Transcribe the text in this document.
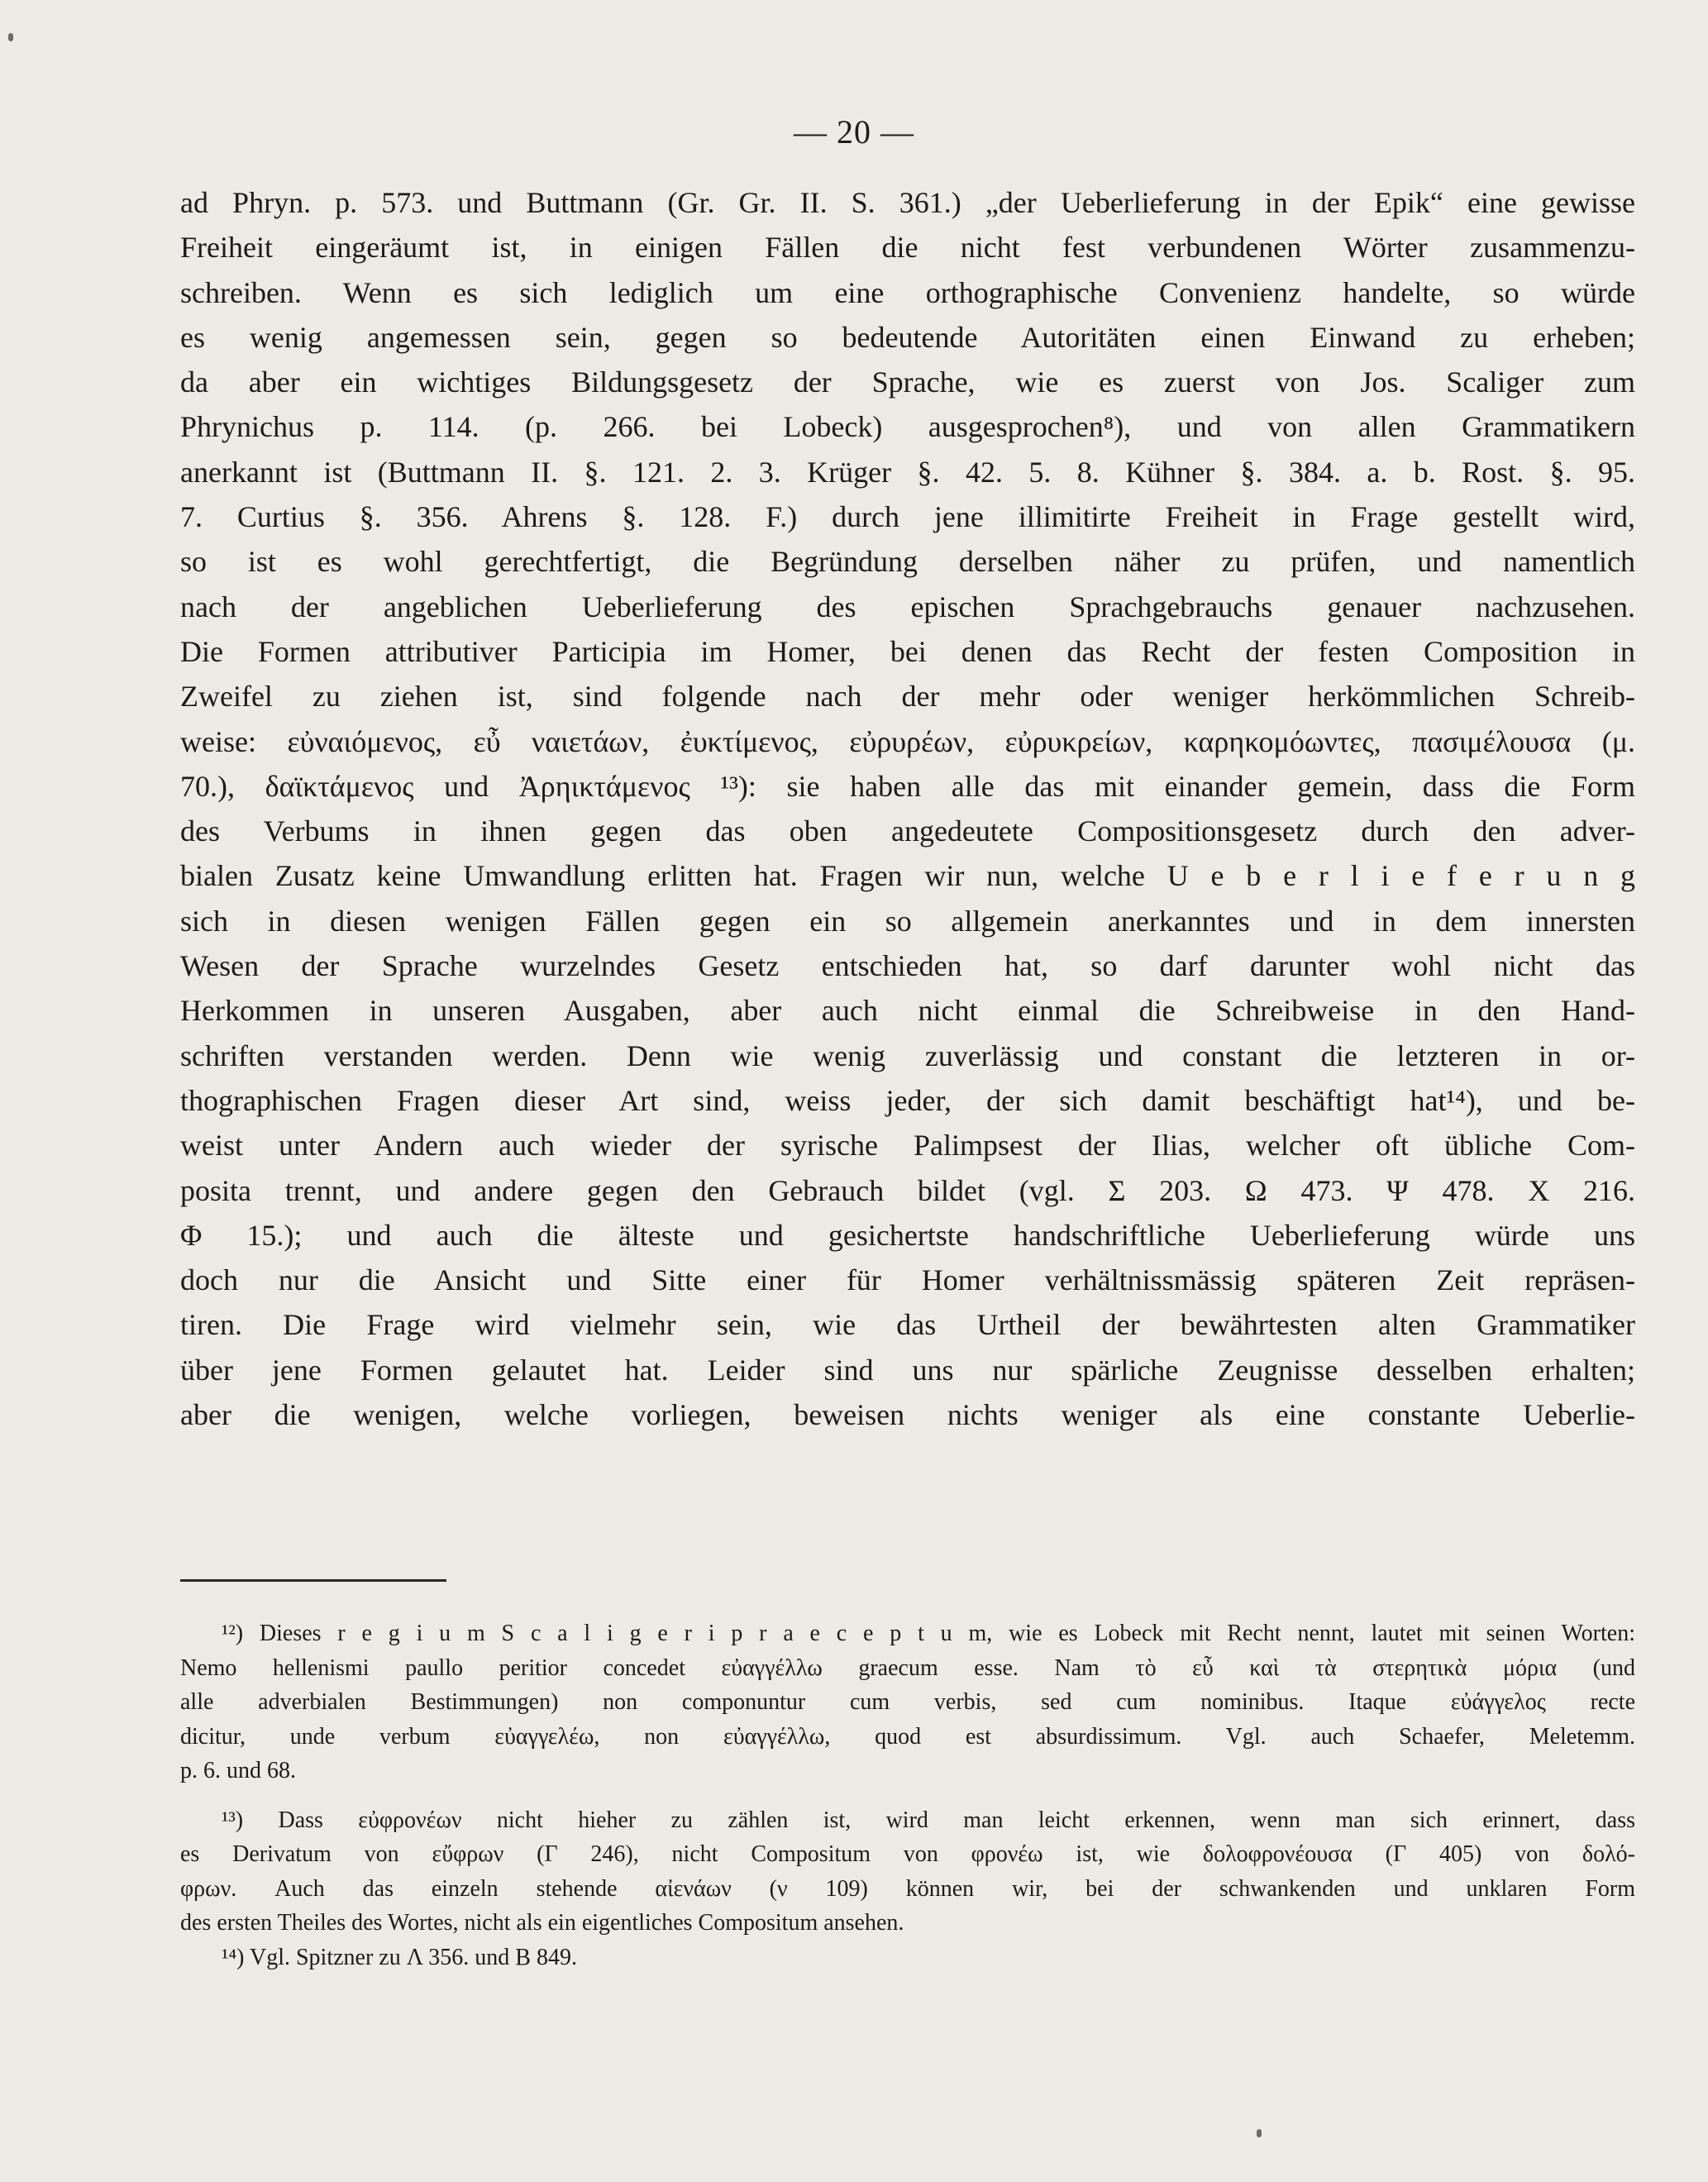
— 20 —
ad Phryn. p. 573. und Buttmann (Gr. Gr. II. S. 361.) „der Ueberlieferung in der Epik“ eine gewisse
Freiheit eingeräumt ist, in einigen Fällen die nicht fest verbundenen Wörter zusammenzu-
schreiben. Wenn es sich lediglich um eine orthographische Convenienz handelte, so würde
es wenig angemessen sein, gegen so bedeutende Autoritäten einen Einwand zu erheben;
da aber ein wichtiges Bildungsgesetz der Sprache, wie es zuerst von Jos. Scaliger zum
Phrynichus p. 114. (p. 266. bei Lobeck) ausgesprochen⁸), und von allen Grammatikern
anerkannt ist (Buttmann II. §. 121. 2. 3. Krüger §. 42. 5. 8. Kühner §. 384. a. b. Rost. §. 95.
7. Curtius §. 356. Ahrens §. 128. F.) durch jene illimitirte Freiheit in Frage gestellt wird,
so ist es wohl gerechtfertigt, die Begründung derselben näher zu prüfen, und namentlich
nach der angeblichen Ueberlieferung des epischen Sprachgebrauchs genauer nachzusehen.
Die Formen attributiver Participia im Homer, bei denen das Recht der festen Composition in
Zweifel zu ziehen ist, sind folgende nach der mehr oder weniger herkömmlichen Schreib-
weise: εὐναιόμενος, εὖ ναιετάων, ἐυκτίμενος, εὐρυρέων, εὐρυκρείων, καρηκομόωντες, πασιμέλουσα (μ.
70.), δαϊκτάμενος und Ἀρηικτάμενος ¹³): sie haben alle das mit einander gemein, dass die Form
des Verbums in ihnen gegen das oben angedeutete Compositionsgesetz durch den adver-
bialen Zusatz keine Umwandlung erlitten hat. Fragen wir nun, welche U e b e r l i e f e r u n g
sich in diesen wenigen Fällen gegen ein so allgemein anerkanntes und in dem innersten
Wesen der Sprache wurzelndes Gesetz entschieden hat, so darf darunter wohl nicht das
Herkommen in unseren Ausgaben, aber auch nicht einmal die Schreibweise in den Hand-
schriften verstanden werden. Denn wie wenig zuverlässig und constant die letzteren in or-
thographischen Fragen dieser Art sind, weiss jeder, der sich damit beschäftigt hat¹⁴), und be-
weist unter Andern auch wieder der syrische Palimpsest der Ilias, welcher oft übliche Com-
posita trennt, und andere gegen den Gebrauch bildet (vgl. Σ 203. Ω 473. Ψ 478. Χ 216.
Φ 15.); und auch die älteste und gesichertste handschriftliche Ueberlieferung würde uns
doch nur die Ansicht und Sitte einer für Homer verhältnissmässig späteren Zeit repräsen-
tiren. Die Frage wird vielmehr sein, wie das Urtheil der bewährtesten alten Grammatiker
über jene Formen gelautet hat. Leider sind uns nur spärliche Zeugnisse desselben erhalten;
aber die wenigen, welche vorliegen, beweisen nichts weniger als eine constante Ueberlie-
¹²) Dieses r e g i u m S c a l i g e r i p r a e c e p t u m, wie es Lobeck mit Recht nennt, lautet mit seinen Worten:
Nemo hellenismi paullo peritior concedet εὐαγγέλλω graecum esse. Nam τὸ εὖ καὶ τὰ στερητικὰ μόρια (und
alle adverbialen Bestimmungen) non componuntur cum verbis, sed cum nominibus. Itaque εὐάγγελος recte
dicitur, unde verbum εὐαγγελέω, non εὐαγγέλλω, quod est absurdissimum. Vgl. auch Schaefer, Meletemm.
p. 6. und 68.
¹³) Dass εὐφρονέων nicht hieher zu zählen ist, wird man leicht erkennen, wenn man sich erinnert, dass
es Derivatum von εὔφρων (Γ 246), nicht Compositum von φρονέω ist, wie δολοφρονέουσα (Γ 405) von δολό-
φρων. Auch das einzeln stehende αἰενάων (ν 109) können wir, bei der schwankenden und unklaren Form
des ersten Theiles des Wortes, nicht als ein eigentliches Compositum ansehen.
¹⁴) Vgl. Spitzner zu Λ 356. und Β 849.
